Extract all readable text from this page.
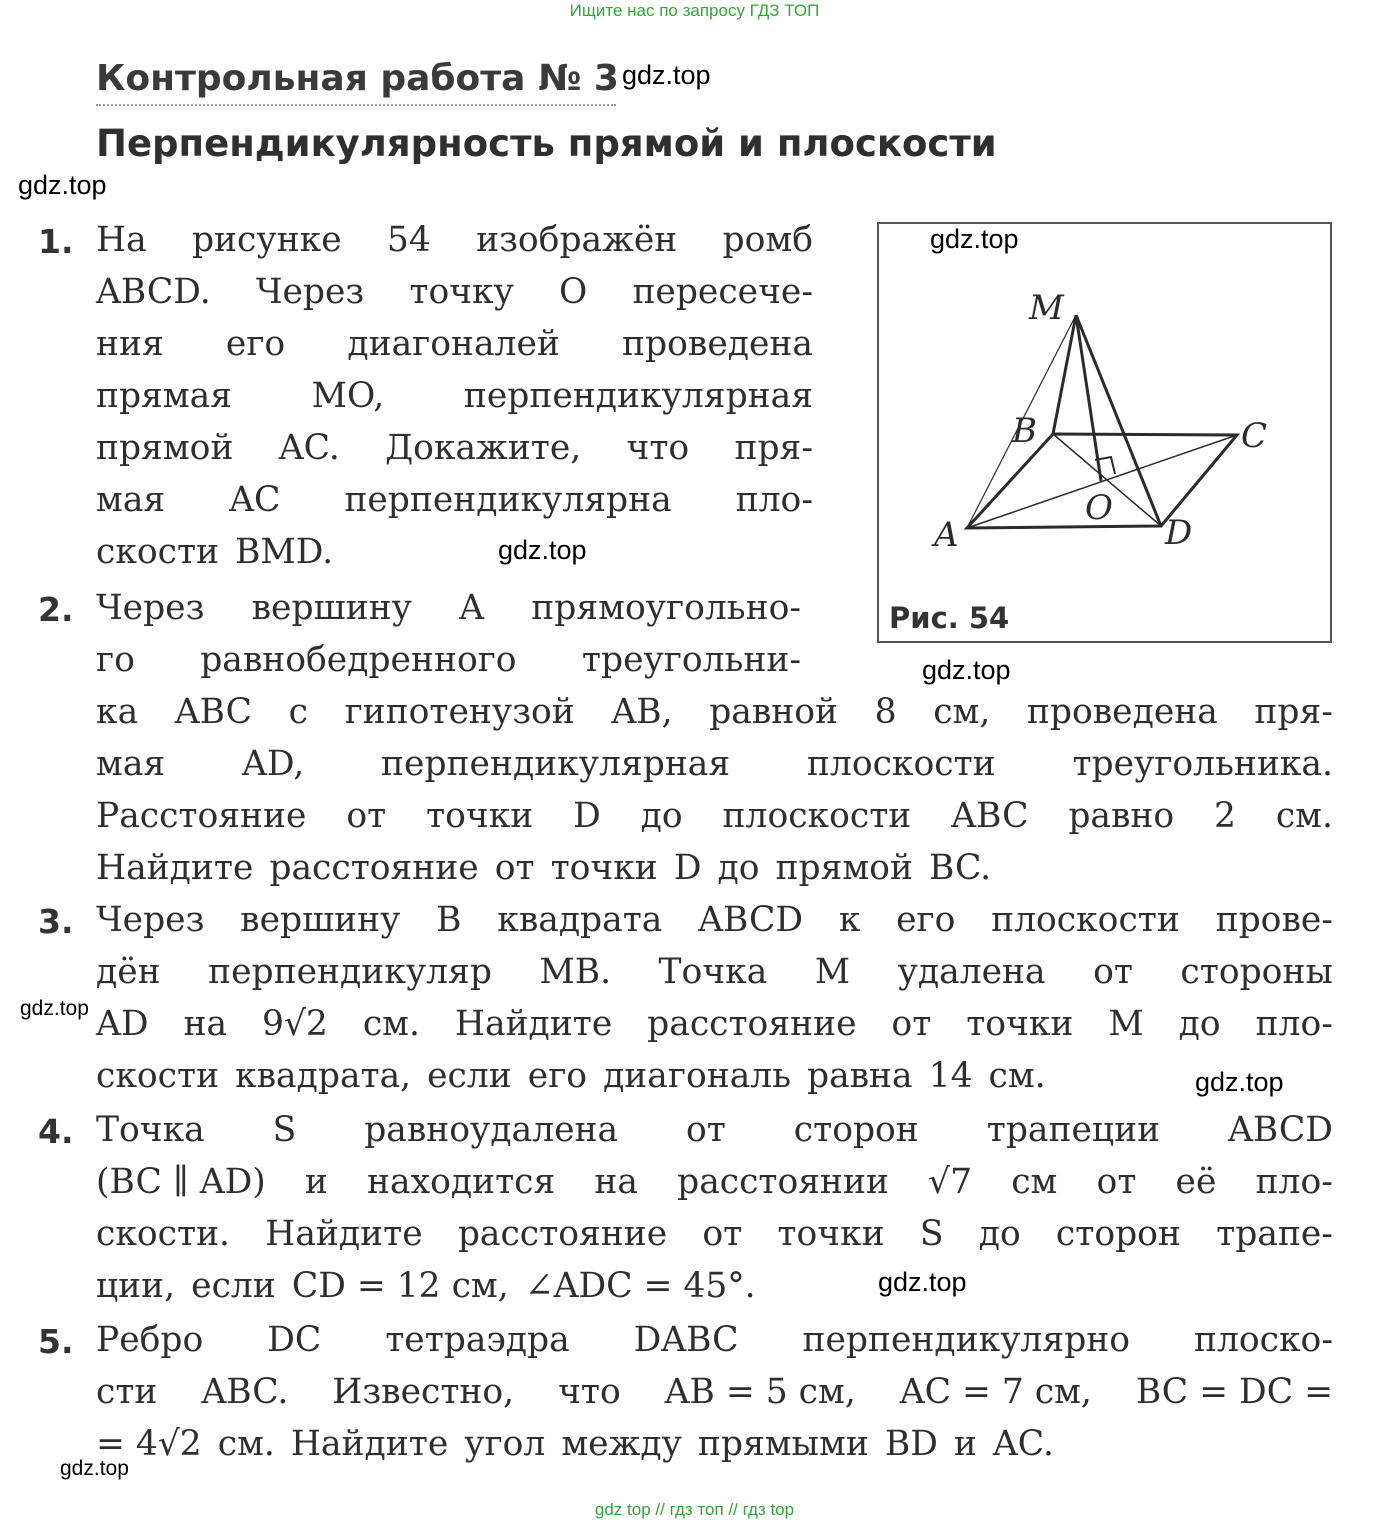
Ищите нас по запросу ГДЗ ТОП
gdz top // гдз топ // гдз top
Контрольная работа № 3
Перпендикулярность прямой и плоскости
M
B	C
O
A	D
Рис. 54
1.
2.
3.
4.
5.
На рисунке 54 изображён ромб
ABCD. Через точку O пересече-
ния его диагоналей проведена
прямая MO, перпендикулярная
прямой AC. Докажите, что пря-
мая AC перпендикулярна пло-
скости BMD.
Через вершину A прямоугольно-
го равнобедренного треугольни-
ка ABC с гипотенузой AB, равной 8 см, проведена пря-
мая AD, перпендикулярная плоскости треугольника.
Расстояние от точки D до плоскости ABC равно 2 см.
Найдите расстояние от точки D до прямой BC.
Через вершину B квадрата ABCD к его плоскости прове-
дён перпендикуляр MB. Точка M удалена от стороны
AD на 9√2 см. Найдите расстояние от точки M до пло-
скости квадрата, если его диагональ равна 14 см.
Точка S равноудалена от сторон трапеции ABCD
(BC ∥ AD) и находится на расстоянии √7 см от её пло-
скости. Найдите расстояние от точки S до сторон трапе-
ции, если CD = 12 см, ∠ADC = 45°.
Ребро DC тетраэдра DABC перпендикулярно плоско-
сти ABC. Известно, что AB = 5 см, AC = 7 см, BC = DC =
= 4√2 см. Найдите угол между прямыми BD и AC.
gdz.top
gdz.top
gdz.top
gdz.top
gdz.top
gdz.top
gdz.top
gdz.top
gdz.top
